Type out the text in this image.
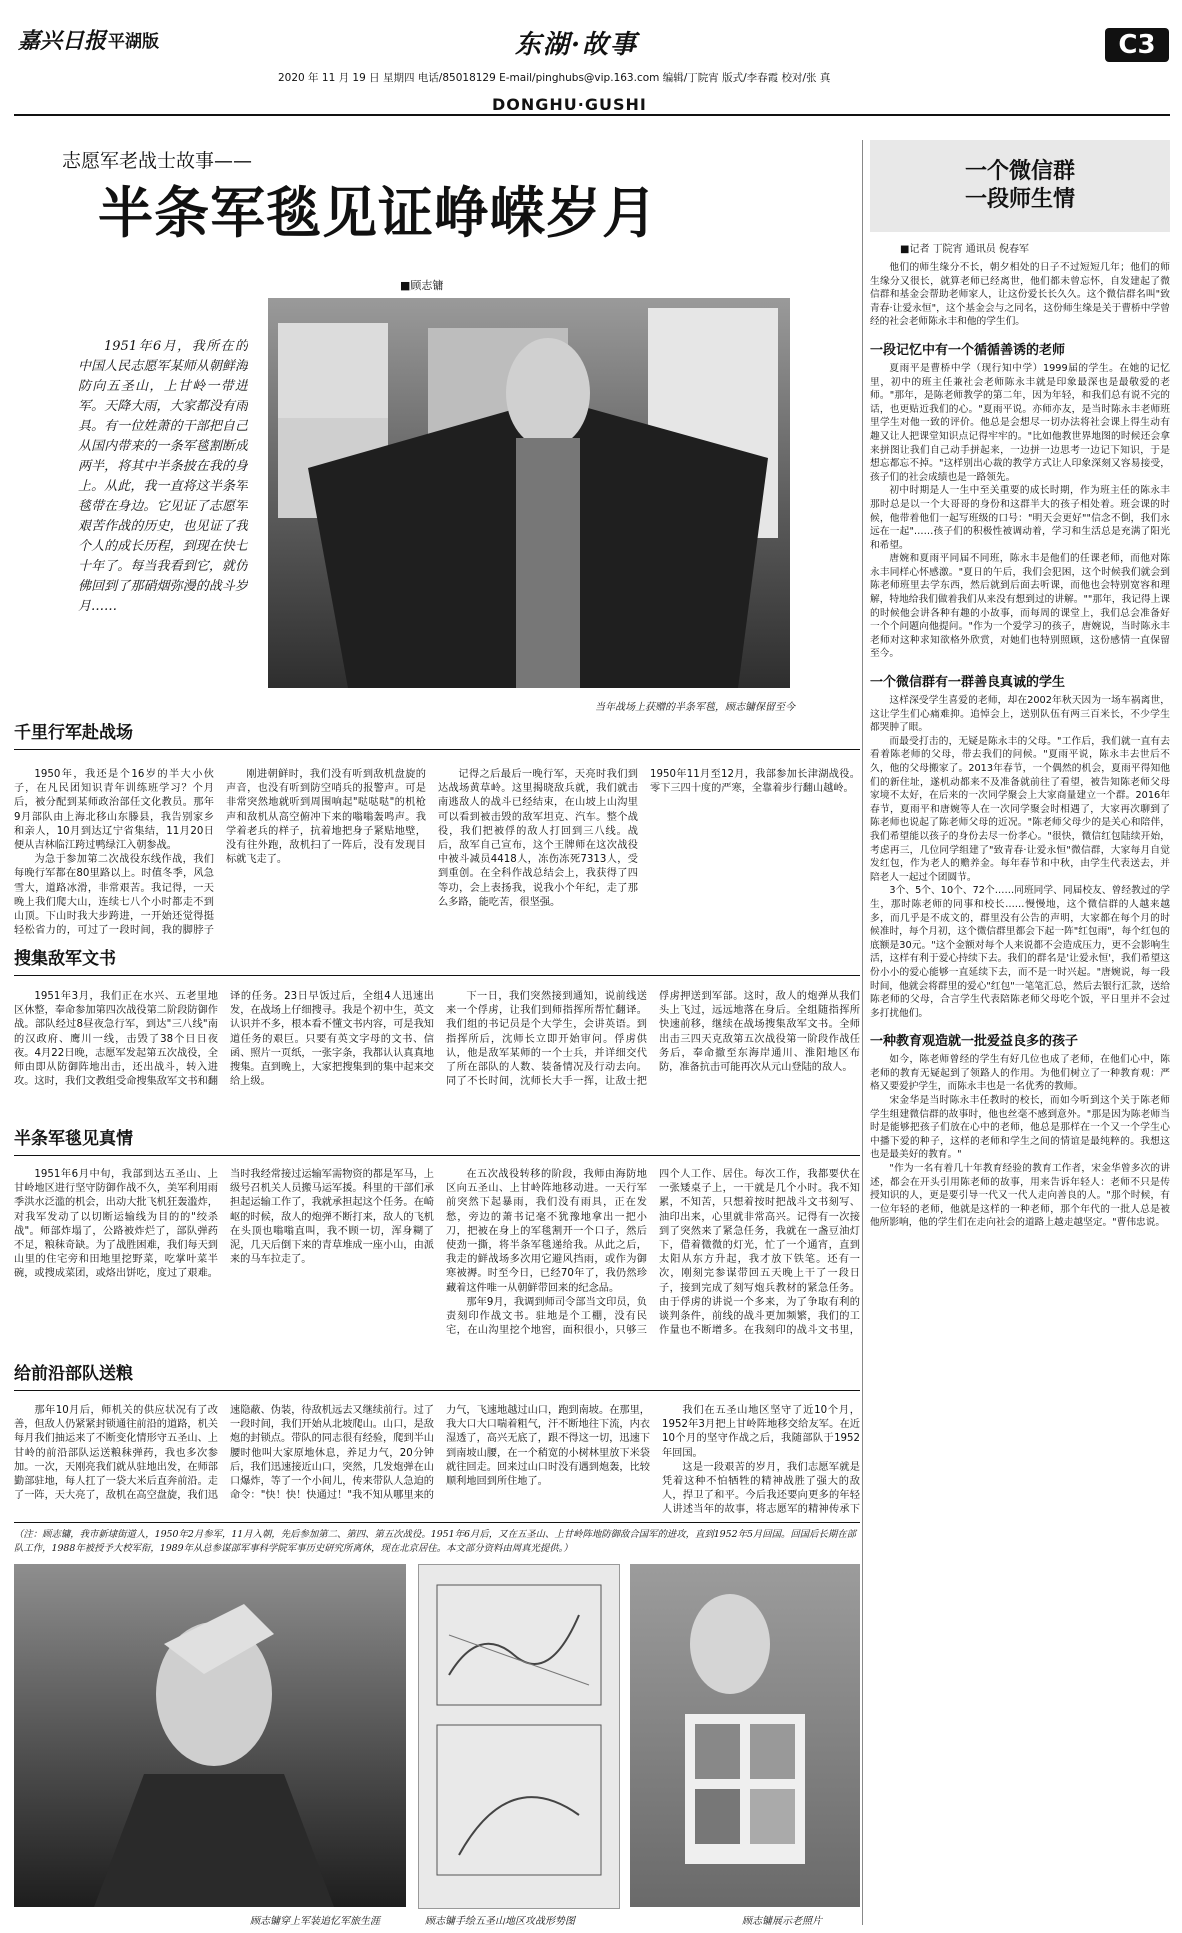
嘉兴日报 平湖版	东湖·故事	C3
2020 年 11 月 19 日 星期四 电话/85018129 E-mail/pinghubs@vip.163.com 编辑/丁院宵 版式/李春霞 校对/张 真
DONGHU·GUSHI
志愿军老战士故事——
半条军毯见证峥嵘岁月
■顾志镛
1951年6月，我所在的中国人民志愿军某师从朝鲜海防向五圣山，上甘岭一带进军。天降大雨，大家都没有雨具。有一位姓萧的干部把自己从国内带来的一条军毯割断成两半，将其中半条披在我的身上。从此，我一直将这半条军毯带在身边。它见证了志愿军艰苦作战的历史，也见证了我个人的成长历程，到现在快七十年了。每当我看到它，就仿佛回到了那硝烟弥漫的战斗岁月……
当年战场上获赠的半条军毯，顾志镛保留至今
千里行军赴战场

1950年，我还是个16岁的半大小伙子，在凡民团知识青年训练班学习？个月后，被分配到某师政治部任文化教员。那年9月部队由上海北移山东滕县，我告别家乡和亲人，10月到达辽宁省集结，11月20日便从吉林临江跨过鸭绿江入朝参战。

为急于参加第二次战役东线作战，我们每晚行军都在80里路以上。时值冬季，风急雪大，道路冰滑，非常艰苦。我记得，一天晚上我们爬大山，连续七八个小时都走不到山顶。下山时我大步跨进，一开始还觉得挺轻松省力的，可过了一段时间，我的脚脖子

刚进朝鲜时，我们没有听到敌机盘旋的声音，也没有听到防空哨兵的报警声。可是非常突然地就听到周围响起"哒哒哒"的机枪声和敌机从高空俯冲下来的嗡嗡轰鸣声。我学着老兵的样子，抗着地把身子紧贴地壁，没有往外跑，敌机扫了一阵后，没有发现目标就飞走了。

记得之后最后一晚行军，天亮时我们到达战场黄草岭。这里揭晓敌兵就，我们就击南逃敌人的战斗已经结束，在山坡上山沟里可以看到被击毁的敌军坦克、汽车。整个战役，我们把被俘的敌人打回到三八线。战后，敌军自己宣布，这个王牌师在这次战役中被斗减员4418人，冻伤冻死7313人，受到重创。在全科作战总结会上，我获得了四等功，会上表扬我，说我小个年纪，走了那么多路，能吃苦，很坚强。

1950年11月至12月，我部参加长津湖战役。零下三四十度的严寒，全靠着步行翻山越岭。

搜集敌军文书

1951年3月，我们正在水兴、五老里地区休整，奉命参加第四次战役第二阶段防御作战。部队经过8昼夜急行军，到达"三八线"南的汉政府、鹰川一线，击毁了38个日日夜夜。4月22日晚，志愿军发起第五次战役，全师由即从防御阵地出击，还出战斗，转入进攻。这时，我们文教组受命搜集敌军文书和翻译的任务。23日早饭过后，全组4人迅速出发，在战场上仔细搜寻。我是个初中生，英文认识并不多，根本看不懂文书内容，可是我知道任务的艰巨。只要有英文字母的文书、信函、照片一页纸，一张字条，我都认认真真地搜集。直到晚上，大家把搜集到的集中起来交给上级。

下一日，我们突然接到通知，说前线送来一个俘虏，让我们到师指挥所帮忙翻译。我们组的书记员是个大学生，会讲英语。到指挥所后，沈师长立即开始审问。俘虏供认，他是敌军某师的一个士兵，并详细交代了所在部队的人数、装备情况及行动去向。同了不长时间，沈师长大手一挥，让敌士把俘虏押送到军部。这时，敌人的炮弹从我们头上飞过，远远地落在身后。全组随指挥所快速前移，继续在战场搜集敌军文书。全师出击三四天克敌第五次战役第一阶段作战任务后，奉命撤至东海岸通川、淮阳地区布防，准备抗击可能再次从元山登陆的敌人。

半条军毯见真情

1951年6月中旬，我部到达五圣山、上甘岭地区进行坚守防御作战不久，美军利用雨季洪水泛滥的机会，出动大批飞机狂轰滥炸，对我军发动了以切断运输线为目的的"绞杀战"。师部炸塌了，公路被炸烂了，部队弹药不足，粮秣奇缺。为了战胜困难，我们每天到山里的住宅旁和田地里挖野菜，吃掌叶菜半碗，或搜成菜团，或烙出饼吃，度过了艰难。当时我经常接过运输军需物资的都是军马，上级号召机关人员搬马运军援。科里的干部们承担起运输工作了，我就承担起这个任务。在崎岖的时候，敌人的炮弹不断打来，敌人的飞机在头顶也嗡嗡直叫，我不顾一切，浑身糊了泥，几天后倒下来的青草堆成一座小山，由派来的马车拉走了。

在五次战役转移的阶段，我师由海防地区向五圣山、上甘岭阵地移动进。一天行军前突然下起暴雨，我们没有雨具，正在发愁，旁边的萧书记毫不犹豫地拿出一把小刀，把被在身上的军毯割开一个口子，然后使劲一撕，将半条军毯递给我。从此之后，我走的鲜战场多次用它避风挡雨，或作为御寒被褥。时至今日，已经70年了，我仍然珍藏着这件唯一从朝鲜带回来的纪念品。

那年9月，我调到师司令部当文印员，负责刻印作战文书。驻地是个工棚，没有民宅，在山沟里挖个地窖，面积很小，只够三四个人工作、居住。每次工作，我都要伏在一张矮桌子上，一干就是几个小时。我不知累，不知苦，只想着按时把战斗文书刻写、油印出来，心里就非常高兴。记得有一次接到了突然来了紧急任务，我就在一盏豆油灯下，借着微微的灯光，忙了一个通宵，直到太阳从东方升起，我才放下铁笔。还有一次，刚刻完参谋带回五天晚上干了一段日子，接到完成了刻写炮兵教材的紧急任务。由于俘虏的讲说一个多来，为了争取有利的谈判条件，前线的战斗更加频繁，我们的工作量也不断增多。在我刻印的战斗文书里，

给前沿部队送粮

那年10月后，师机关的供应状况有了改善，但敌人仍紧紧封锁通往前沿的道路，机关每月我们抽运来了不断变化情形守五圣山、上甘岭的前沿部队运送粮秣弹药，我也多次参加。一次，天刚亮我们就从驻地出发，在师部勤部驻地，每人扛了一袋大米后直奔前沿。走了一阵，天大亮了，敌机在高空盘旋，我们迅速隐蔽、伪装，待敌机远去又继续前行。过了一段时间，我们开始从北坡爬山。山口，是敌炮的封锁点。带队的同志很有经验，爬到半山腰时他叫大家原地休息，养足力气，20分钟后，我们迅速接近山口，突然，几发炮弹在山口爆炸，等了一个小间儿，传来带队人急迫的命令："快！快！快通过！"我不知从哪里来的力气，飞速地越过山口，跑到南坡。在那里，我大口大口喘着粗气，汗不断地往下流，内衣湿透了，高兴无底了，跟不得这一切，迅速下到南坡山腰，在一个稍宽的小树林里放下米袋就往回走。回来过山口时没有遇到炮轰，比较顺利地回到所住地了。

我们在五圣山地区坚守了近10个月，1952年3月把上甘岭阵地移交给友军。在近10个月的坚守作战之后，我随部队于1952年回国。

这是一段艰苦的岁月，我们志愿军就是凭着这种不怕牺牲的精神战胜了强大的敌人，捍卫了和平。今后我还要向更多的年轻人讲述当年的故事，将志愿军的精神传承下

（注：顾志镛，我市新埭街道人，1950年2月参军，11月入朝，先后参加第二、第四、第五次战役。1951年6月后，又在五圣山、上甘岭阵地防御敌合国军的进攻，直到1952年5月回国。回国后长期在部队工作，1988年被授予大校军衔，1989年从总参谋部军事科学院军事历史研究所离休，现在北京居住。本文部分资料由周真光提供。）
顾志镛穿上军装追忆军旅生涯	顾志镛手绘五圣山地区攻战形势图	顾志镛展示老照片
一个微信群
一段师生情
■记者 丁院宵 通讯员 倪春军

他们的师生缘分不长，朝夕相处的日子不过短短几年；他们的师生缘分又很长，就算老师已经离世，他们都未曾忘怀，自发建起了微信群和基金会帮助老师家人，让这份爱长长久久。这个微信群名叫"致青春·让爱永恒"，这个基金会与之同名，这份师生缘是关于曹桥中学曾经的社会老师陈永丰和他的学生们。

一段记忆中有一个循循善诱的老师

夏雨平是曹桥中学（现行知中学）1999届的学生。在她的记忆里，初中的班主任兼社会老师陈永丰就是印象最深也是最敬爱的老师。"那年，是陈老师教学的第二年，因为年轻，和我们总有说不完的话，也更贴近我们的心。"夏雨平说。亦师亦友，是当时陈永丰老师班里学生对他一致的评价。他总是会想尽一切办法将社会课上得生动有趣又让人把课堂知识点记得牢牢的。"比如他教世界地图的时候还会拿来拼图让我们自己动手拼起来，一边拼一边思考一边记下知识，于是想忘都忘不掉。"这样别出心裁的教学方式让人印象深刻又容易接受，孩子们的社会成绩也是一路领先。

初中时期是人一生中至关重要的成长时期，作为班主任的陈永丰那时总是以一个大哥哥的身份和这群半大的孩子相处着。班会课的时候，他带着他们一起写班级的口号："明天会更好""信念不倒，我们永远在一起"……孩子们的积极性被调动着，学习和生活总是充满了阳光和希望。

唐婉和夏雨平同届不同班，陈永丰是他们的任课老师，而他对陈永丰同样心怀感激。"夏日的午后，我们会犯困，这个时候我们就会到陈老师班里去学东西，然后就到后面去听课，而他也会特别宽容和理解，特地给我们做着我们从来没有想到过的讲解。""那年，我记得上课的时候他会讲各种有趣的小故事，而每周的课堂上，我们总会准备好一个个问题向他提问。"作为一个爱学习的孩子，唐婉说，当时陈永丰老师对这种求知欲格外欣赏，对她们也特别照顾，这份感情一直保留至今。

一个微信群有一群善良真诚的学生

这样深受学生喜爱的老师，却在2002年秋天因为一场车祸离世，这让学生们心痛难抑。追悼会上，送别队伍有两三百米长，不少学生都哭肿了眼。

而最受打击的，无疑是陈永丰的父母。"工作后，我们就一直有去看着陈老师的父母，带去我们的问候。"夏雨平说，陈永丰去世后不久，他的父母搬家了。2013年春节，一个偶然的机会，夏雨平得知他们的新住址，遂机动都来不及准备就前往了看望，被告知陈老师父母家境不太好，在后来的一次同学聚会上大家商量建立一个群。2016年春节，夏雨平和唐婉等人在一次同学聚会时相遇了，大家再次聊到了陈老师也说起了陈老师父母的近况。"陈老师父母少的是关心和陪伴，我们希望能以孩子的身份去尽一份孝心。"很快，微信红包陆续开始，考虑再三，几位同学组建了"致青春·让爱永恒"微信群，大家每月自觉发红包，作为老人的赡养金。每年春节和中秋，由学生代表送去，并陪老人一起过个团圆节。

3个、5个、10个、72个……同班同学、同届校友、曾经教过的学生，那时陈老师的同事和校长……慢慢地，这个微信群的人越来越多，而几乎是不成文的，群里没有公告的声明，大家都在每个月的时候准时，每个月初，这个微信群里都会下起一阵"红包雨"，每个红包的底额是30元。"这个金额对每个人来说都不会造成压力，更不会影响生活，这样有利于爱心持续下去。我们的群名是'让爱永恒'，我们希望这份小小的爱心能够一直延续下去，而不是一时兴起。"唐婉说，每一段时间，他就会将群里的爱心"红包"一笔笔汇总，然后去银行汇款，送给陈老师的父母，合言学生代表陪陈老师父母吃个饭，平日里并不会过多打扰他们。

一种教育观造就一批爱益良多的孩子

如今，陈老师曾经的学生有好几位也成了老师，在他们心中，陈老师的教育无疑起到了领路人的作用。为他们树立了一种教育观：严格又要爱护学生，而陈永丰也是一名优秀的教师。

宋金华是当时陈永丰任教时的校长，而如今听到这个关于陈老师学生组建微信群的故事时，他也丝毫不感到意外。"那是因为陈老师当时是能够把孩子们放在心中的老师，他总是那样在一个又一个学生心中播下爱的种子，这样的老师和学生之间的情谊是最纯粹的。我想这也是最美好的教育。"

"作为一名有着几十年教育经验的教育工作者，宋金华曾多次的讲述，都会在开头引用陈老师的故事，用来告诉年轻人：老师不只是传授知识的人，更是要引导一代又一代人走向善良的人。"那个时候，有一位年轻的老师，他就是这样的一种老师，那个年代的一批人总是被他所影响，他的学生们在走向社会的道路上越走越坚定。"曹伟忠说。
